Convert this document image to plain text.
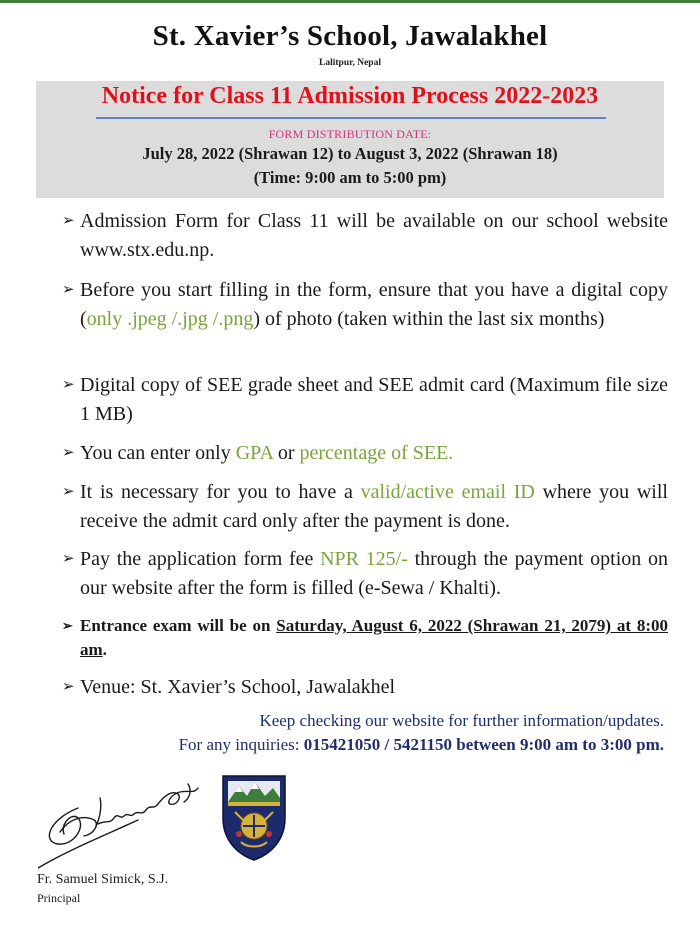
St. Xavier’s School, Jawalakhel
Lalitpur, Nepal
Notice for Class 11 Admission Process 2022-2023
FORM DISTRIBUTION DATE:
July 28, 2022 (Shrawan 12) to August 3, 2022 (Shrawan 18)
(Time: 9:00 am to 5:00 pm)
➢ Admission Form for Class 11 will be available on our school website www.stx.edu.np.
➢ Before you start filling in the form, ensure that you have a digital copy (only .jpeg /.jpg /.png) of photo (taken within the last six months)
➢ Digital copy of SEE grade sheet and SEE admit card (Maximum file size 1 MB)
➢ You can enter only GPA or percentage of SEE.
➢ It is necessary for you to have a valid/active email ID where you will receive the admit card only after the payment is done.
➢ Pay the application form fee NPR 125/- through the payment option on our website after the form is filled (e-Sewa / Khalti).
➢ Entrance exam will be on Saturday, August 6, 2022 (Shrawan 21, 2079) at 8:00 am.
➢ Venue: St. Xavier’s School, Jawalakhel
Keep checking our website for further information/updates.
For any inquiries: 015421050 / 5421150 between 9:00 am to 3:00 pm.
Fr. Samuel Simick, S.J.
Principal
